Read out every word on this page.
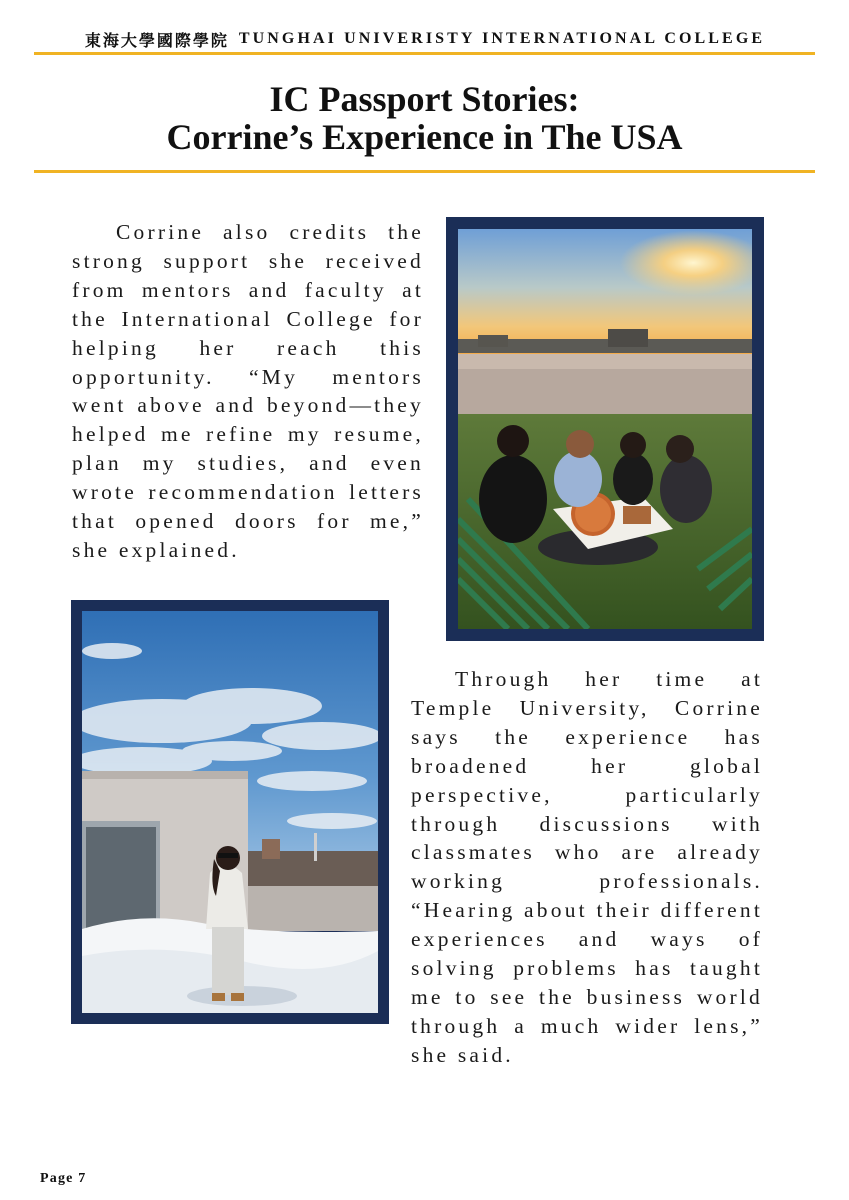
東海大學國際學院 TUNGHAI UNIVERISTY INTERNATIONAL COLLEGE
IC Passport Stories:
Corrine’s Experience in The USA

Corrine also credits the strong support she received from mentors and faculty at the International College for helping her reach this opportunity. “My mentors went above and beyond—they helped me refine my resume, plan my studies, and even wrote recommendation letters that opened doors for me,” she explained.

Through her time at Temple University, Corrine says the experience has broadened her global perspective, particularly through discussions with classmates who are already working professionals. “Hearing about their different experiences and ways of solving problems has taught me to see the business world through a much wider lens,” she said.

Page 7
